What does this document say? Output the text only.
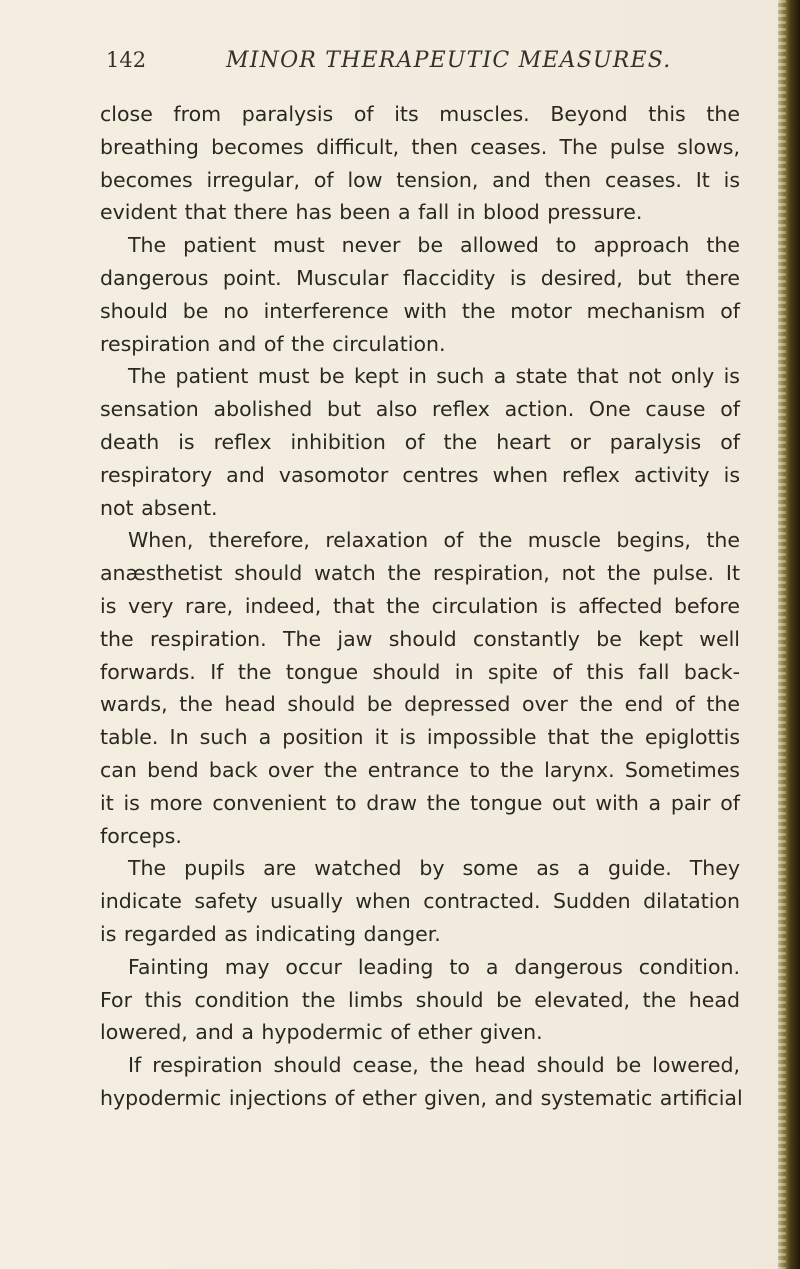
142	MINOR THERAPEUTIC MEASURES.
close from paralysis of its muscles. Beyond this the
breathing becomes difficult, then ceases. The pulse slows,
becomes irregular, of low tension, and then ceases. It is
evident that there has been a fall in blood pressure.
The patient must never be allowed to approach the
dangerous point. Muscular flaccidity is desired, but there
should be no interference with the motor mechanism of
respiration and of the circulation.
The patient must be kept in such a state that not only is
sensation abolished but also reflex action. One cause of
death is reflex inhibition of the heart or paralysis of
respiratory and vasomotor centres when reflex activity is
not absent.
When, therefore, relaxation of the muscle begins, the
anæsthetist should watch the respiration, not the pulse. It
is very rare, indeed, that the circulation is affected before
the respiration. The jaw should constantly be kept well
forwards. If the tongue should in spite of this fall back-
wards, the head should be depressed over the end of the
table. In such a position it is impossible that the epiglottis
can bend back over the entrance to the larynx. Sometimes
it is more convenient to draw the tongue out with a pair of
forceps.
The pupils are watched by some as a guide. They
indicate safety usually when contracted. Sudden dilatation
is regarded as indicating danger.
Fainting may occur leading to a dangerous condition.
For this condition the limbs should be elevated, the head
lowered, and a hypodermic of ether given.
If respiration should cease, the head should be lowered,
hypodermic injections of ether given, and systematic artificial
